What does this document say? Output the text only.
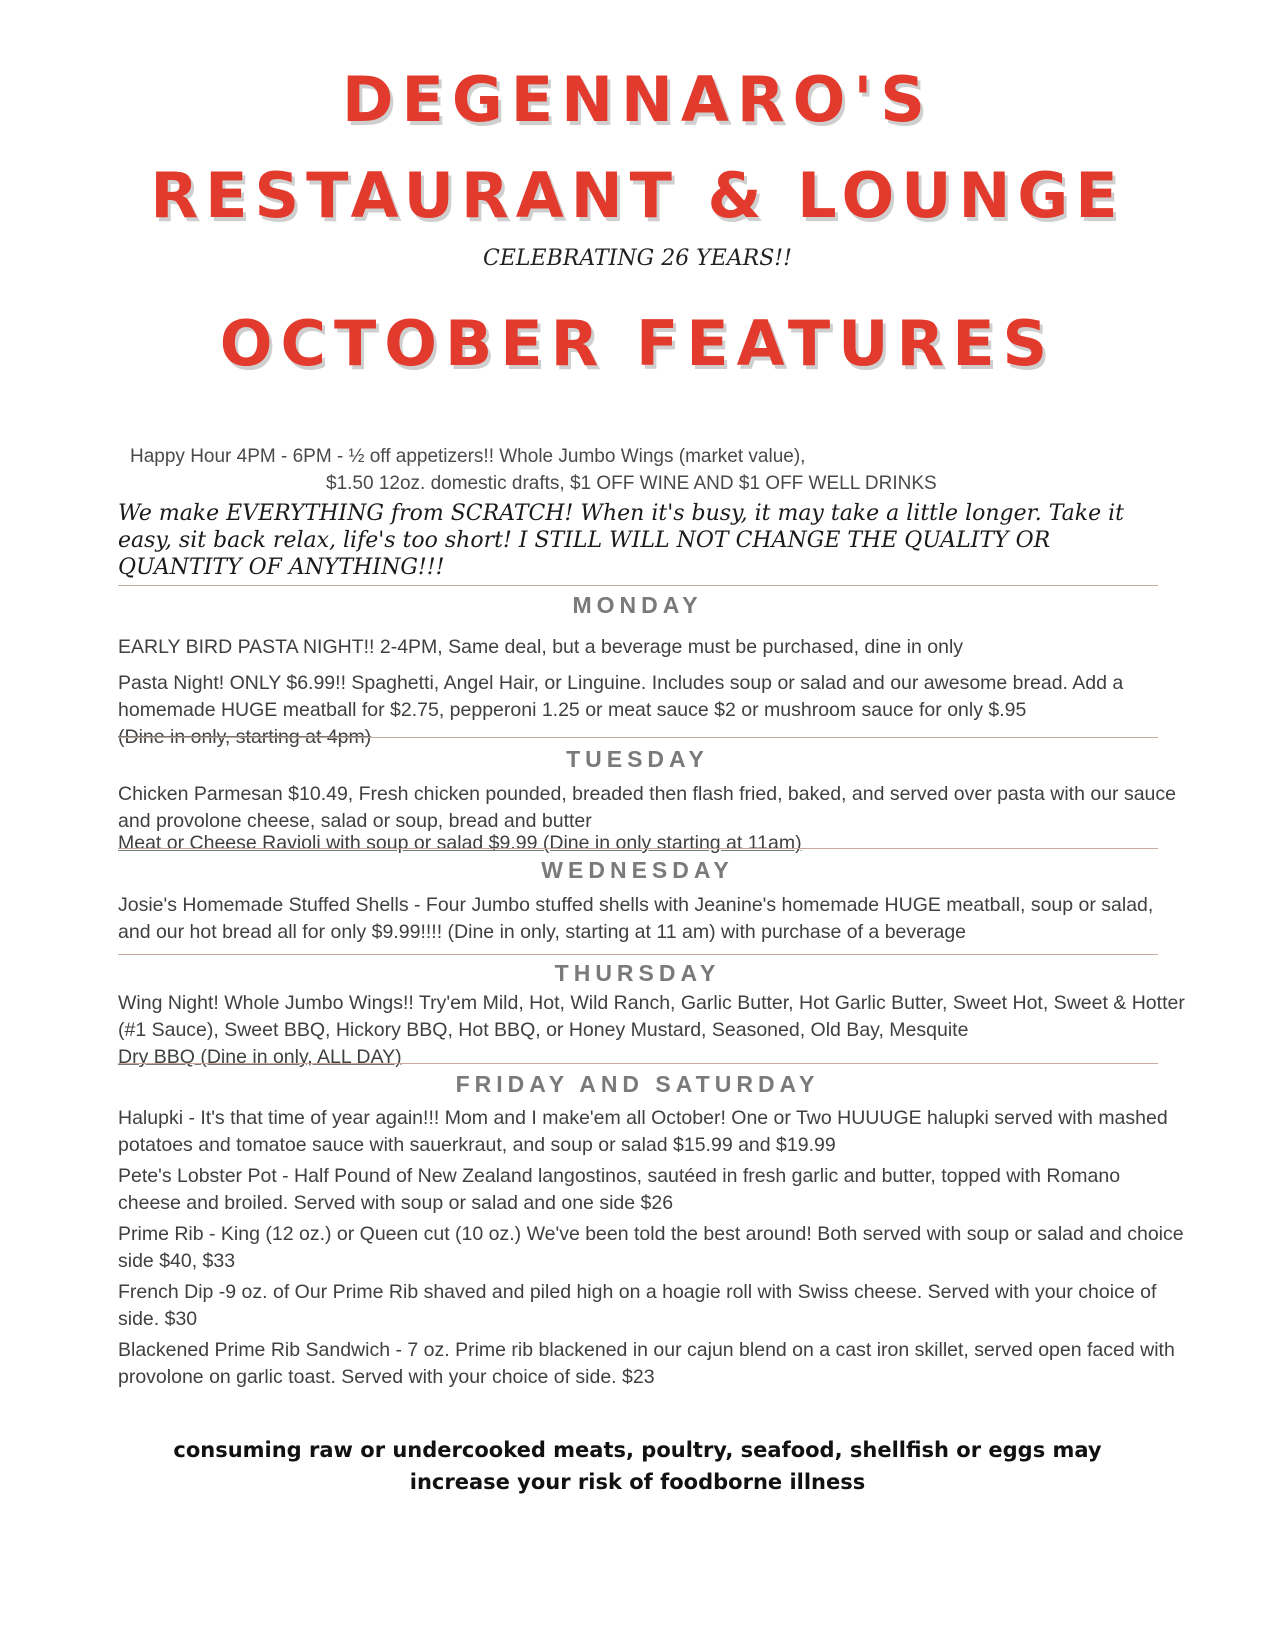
DEGENNARO'S
RESTAURANT & LOUNGE
CELEBRATING 26 YEARS!!
OCTOBER FEATURES
Happy Hour 4PM - 6PM - ½ off appetizers!! Whole Jumbo Wings (market value),
$1.50 12oz. domestic drafts, $1 OFF WINE AND $1 OFF WELL DRINKS

We make EVERYTHING from SCRATCH! When it's busy, it may take a little longer. Take it easy, sit back relax, life's too short! I STILL WILL NOT CHANGE THE QUALITY OR QUANTITY OF ANYTHING!!!

MONDAY

EARLY BIRD PASTA NIGHT!! 2-4PM, Same deal, but a beverage must be purchased, dine in only

Pasta Night! ONLY $6.99!! Spaghetti, Angel Hair, or Linguine. Includes soup or salad and our awesome bread. Add a homemade HUGE meatball for $2.75, pepperoni 1.25 or meat sauce $2 or mushroom sauce for only $.95

(Dine in only, starting at 4pm)

TUESDAY

Chicken Parmesan $10.49, Fresh chicken pounded, breaded then flash fried, baked, and served over pasta with our sauce and provolone cheese, salad or soup, bread and butter

Meat or Cheese Ravioli with soup or salad $9.99 (Dine in only starting at 11am)

WEDNESDAY

Josie's Homemade Stuffed Shells - Four Jumbo stuffed shells with Jeanine's homemade HUGE meatball, soup or salad, and our hot bread all for only $9.99!!!! (Dine in only, starting at 11 am) with purchase of a beverage

THURSDAY

Wing Night! Whole Jumbo Wings!! Try'em Mild, Hot, Wild Ranch, Garlic Butter, Hot Garlic Butter, Sweet Hot, Sweet & Hotter (#1 Sauce), Sweet BBQ, Hickory BBQ, Hot BBQ, or Honey Mustard, Seasoned, Old Bay, Mesquite

Dry BBQ (Dine in only, ALL DAY)

FRIDAY AND SATURDAY

Halupki - It's that time of year again!!! Mom and I make'em all October! One or Two HUUUGE halupki served with mashed potatoes and tomatoe sauce with sauerkraut, and soup or salad $15.99 and $19.99

Pete's Lobster Pot - Half Pound of New Zealand langostinos, sautéed in fresh garlic and butter, topped with Romano cheese and broiled. Served with soup or salad and one side $26

Prime Rib - King (12 oz.) or Queen cut (10 oz.) We've been told the best around! Both served with soup or salad and choice side $40, $33

French Dip -9 oz. of Our Prime Rib shaved and piled high on a hoagie roll with Swiss cheese. Served with your choice of side. $30

Blackened Prime Rib Sandwich - 7 oz. Prime rib blackened in our cajun blend on a cast iron skillet, served open faced with provolone on garlic toast. Served with your choice of side. $23

consuming raw or undercooked meats, poultry, seafood, shellfish or eggs may
increase your risk of foodborne illness
